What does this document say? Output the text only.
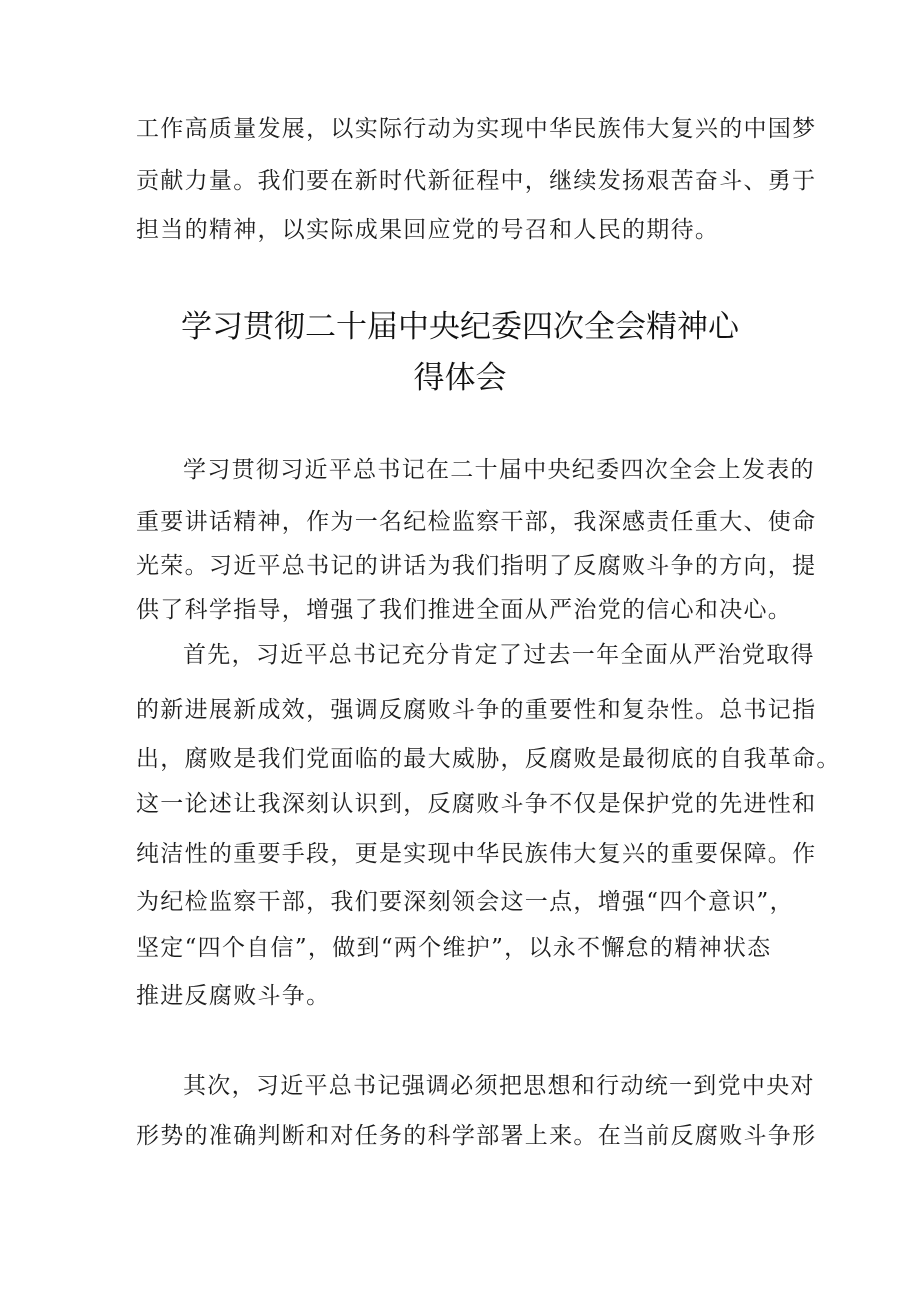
工作高质量发展，以实际行动为实现中华民族伟大复兴的中国梦
贡献力量。我们要在新时代新征程中，继续发扬艰苦奋斗、勇于
担当的精神，以实际成果回应党的号召和人民的期待。
学习贯彻二十届中央纪委四次全会精神心
得体会
学习贯彻习近平总书记在二十届中央纪委四次全会上发表的
重要讲话精神，作为一名纪检监察干部，我深感责任重大、使命
光荣。习近平总书记的讲话为我们指明了反腐败斗争的方向，提
供了科学指导，增强了我们推进全面从严治党的信心和决心。
首先，习近平总书记充分肯定了过去一年全面从严治党取得
的新进展新成效，强调反腐败斗争的重要性和复杂性。总书记指
出，腐败是我们党面临的最大威胁，反腐败是最彻底的自我革命。
这一论述让我深刻认识到，反腐败斗争不仅是保护党的先进性和
纯洁性的重要手段，更是实现中华民族伟大复兴的重要保障。作
为纪检监察干部，我们要深刻领会这一点，增强“四个意识”，
坚定“四个自信”，做到“两个维护”，以永不懈怠的精神状态
推进反腐败斗争。
其次，习近平总书记强调必须把思想和行动统一到党中央对
形势的准确判断和对任务的科学部署上来。在当前反腐败斗争形
